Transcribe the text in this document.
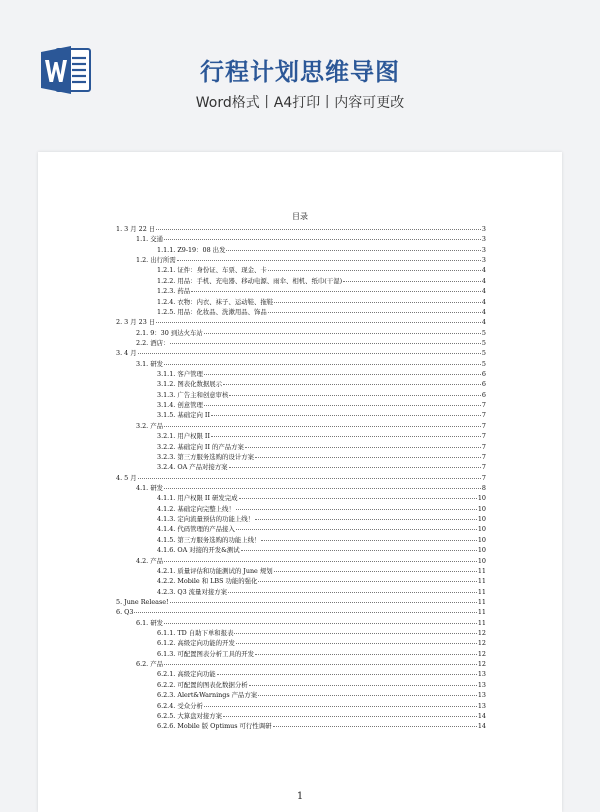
行程计划思维导图
Word格式丨A4打印丨内容可更改
目录
1. 3 月 22 日	3
1.1. 交通	3
1.1.1. Z9-19：08 出发	3
1.2. 出行所需	3
1.2.1. 证件：身份证、车票、现金、卡	4
1.2.2. 用品：手机、充电器、移动电源、雨伞、相机、纸巾(干湿)	4
1.2.3. 药品	4
1.2.4. 衣物：内衣、袜子、运动鞋、拖鞋	4
1.2.5. 用品：化妆品、洗漱用品、饰品	4
2. 3 月 23 日	4
2.1. 9：30 到达火车站	5
2.2. 酒店：	5
3. 4 月	5
3.1. 研发	5
3.1.1. 客户管理	6
3.1.2. 图表化数据展示	6
3.1.3. 广告主和创意审核	6
3.1.4. 创意管理	7
3.1.5. 基础定向 II	7
3.2. 产品	7
3.2.1. 用户权限 II	7
3.2.2. 基础定向 II 的产品方案	7
3.2.3. 第三方服务选购的设计方案	7
3.2.4. OA 产品对接方案	7
4. 5 月	7
4.1. 研发	8
4.1.1. 用户权限 II 研发完成	10
4.1.2. 基础定向完整上线！	10
4.1.3. 定向流量预估的功能上线！	10
4.1.4. 代码管理的产品接入	10
4.1.5. 第三方服务选购的功能上线！	10
4.1.6. OA 对接的开发&测试	10
4.2. 产品	10
4.2.1. 质量评估和功能测试的 June 规划	11
4.2.2. Mobile 和 LBS 功能的强化	11
4.2.3. Q3 流量对接方案	11
5. June Release!	11
6. Q3	11
6.1. 研发	11
6.1.1. TD 自助下单和报表	12
6.1.2. 高级定向功能的开发	12
6.1.3. 可配置图表分析工具的开发	12
6.2. 产品	12
6.2.1. 高级定向功能	13
6.2.2. 可配置的图表化数据分析	13
6.2.3. Alert&Warnings 产品方案	13
6.2.4. 受众分析	13
6.2.5. 大算盘对接方案	14
6.2.6. Mobile 版 Optimus 可行性调研	14
1
